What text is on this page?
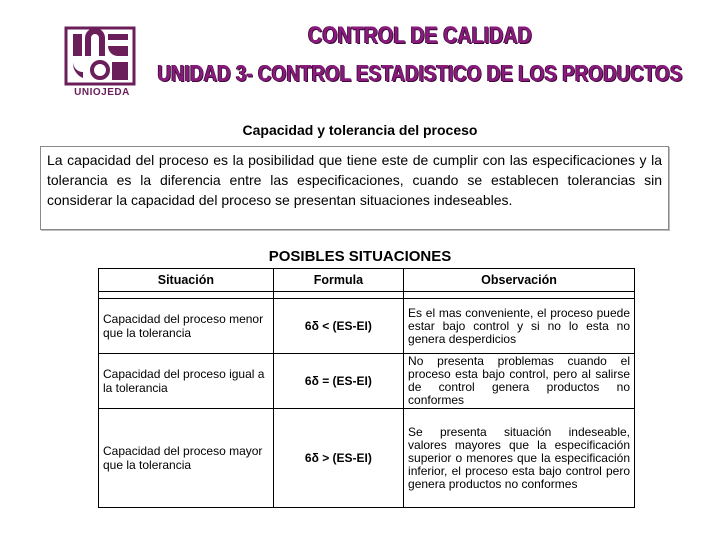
UNIOJEDA
CONTROL DE CALIDAD
UNIDAD 3- CONTROL ESTADISTICO DE LOS PRODUCTOS
Capacidad y tolerancia del proceso
La capacidad del proceso es la posibilidad que tiene este de cumplir con las especificaciones y la tolerancia es la diferencia entre las especificaciones, cuando se establecen tolerancias sin considerar la capacidad del proceso se presentan situaciones indeseables.
POSIBLES SITUACIONES
Situación	Formula	Observación

Capacidad del proceso menor que la tolerancia	6δ < (ES-EI)	Es el mas conveniente, el proceso puede estar bajo control y si no lo esta no genera desperdicios
Capacidad del proceso igual a la tolerancia	6δ = (ES-EI)	No presenta problemas cuando el proceso esta bajo control, pero al salirse de control genera productos no conformes
Capacidad del proceso mayor que la tolerancia	6δ > (ES-EI)	Se presenta situación indeseable, valores mayores que la especificación superior o menores que la especificación inferior, el proceso esta bajo control pero genera productos no conformes
